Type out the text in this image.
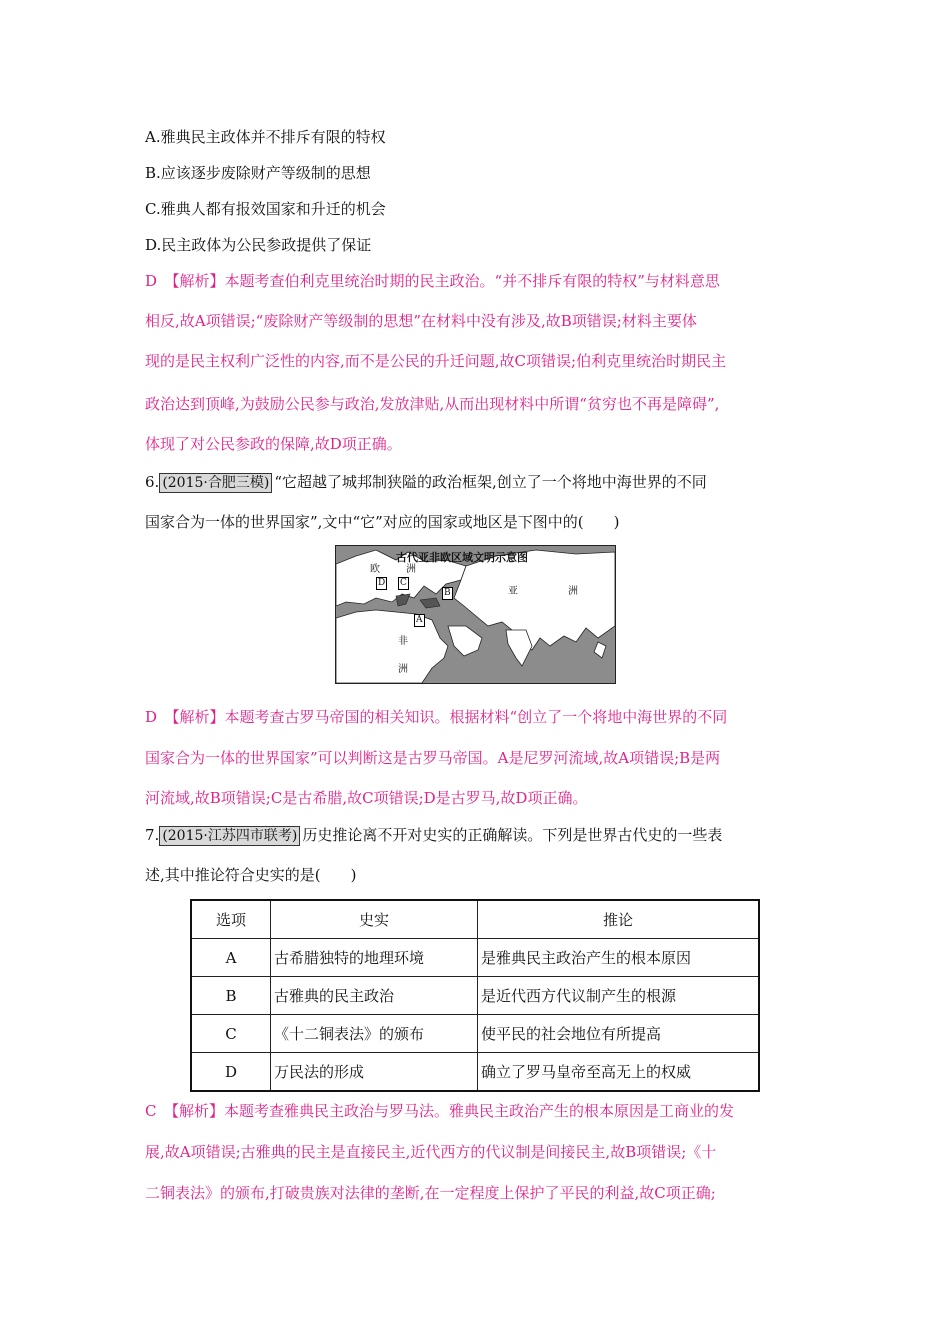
A.雅典民主政体并不排斥有限的特权
B.应该逐步废除财产等级制的思想
C.雅典人都有报效国家和升迁的机会
D.民主政体为公民参政提供了保证
D　【解析】本题考查伯利克里统治时期的民主政治。“并不排斥有限的特权”与材料意思
相反,故A项错误;“废除财产等级制的思想”在材料中没有涉及,故B项错误;材料主要体
现的是民主权利广泛性的内容,而不是公民的升迁问题,故C项错误;伯利克里统治时期民主
政治达到顶峰,为鼓励公民参与政治,发放津贴,从而出现材料中所谓“贫穷也不再是障碍”,
体现了对公民参政的保障,故D项正确。
6. (2015·合肥三模) “它超越了城邦制狭隘的政治框架,创立了一个将地中海世界的不同
国家合为一体的世界国家”,文中“它”对应的国家或地区是下图中的(　　)
古代亚非欧区域文明示意图
欧	洲
亚	洲
非
洲
D C
B
A
D　【解析】本题考查古罗马帝国的相关知识。根据材料“创立了一个将地中海世界的不同
国家合为一体的世界国家”可以判断这是古罗马帝国。A是尼罗河流域,故A项错误;B是两
河流域,故B项错误;C是古希腊,故C项错误;D是古罗马,故D项正确。
7. (2015·江苏四市联考) 历史推论离不开对史实的正确解读。下列是世界古代史的一些表
述,其中推论符合史实的是(　　)
选项	史实	推论
A	古希腊独特的地理环境	是雅典民主政治产生的根本原因
B	古雅典的民主政治	是近代西方代议制产生的根源
C	《十二铜表法》的颁布	使平民的社会地位有所提高
D	万民法的形成	确立了罗马皇帝至高无上的权威
C　【解析】本题考查雅典民主政治与罗马法。雅典民主政治产生的根本原因是工商业的发
展,故A项错误;古雅典的民主是直接民主,近代西方的代议制是间接民主,故B项错误;《十
二铜表法》的颁布,打破贵族对法律的垄断,在一定程度上保护了平民的利益,故C项正确;
